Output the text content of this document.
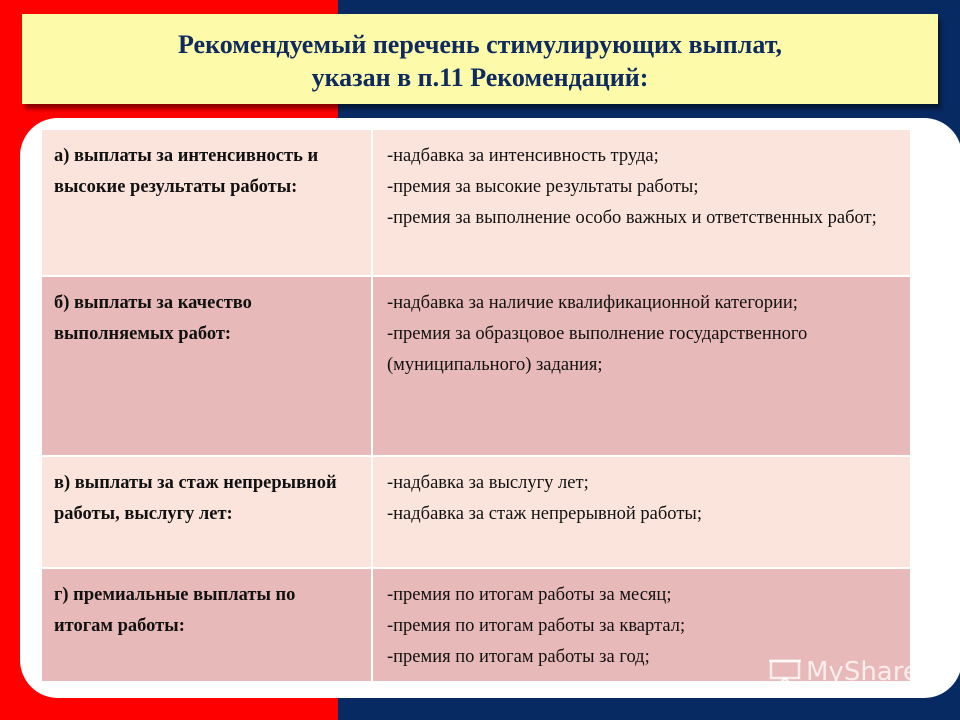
Рекомендуемый перечень стимулирующих выплат,
указан в п.11 Рекомендаций:
а) выплаты за интенсивность и высокие результаты работы:	-надбавка за интенсивность труда;
-премия за высокие результаты работы;
-премия за выполнение особо важных и ответственных работ;

б) выплаты за качество выполняемых работ:	-надбавка за наличие квалификационной категории;
-премия за образцовое выполнение государственного (муниципального) задания;

в) выплаты за стаж непрерывной работы, выслугу лет:	-надбавка за выслугу лет;
-надбавка за стаж непрерывной работы;

г) премиальные выплаты по итогам работы:	-премия по итогам работы за месяц;
-премия по итогам работы за квартал;
-премия по итогам работы за год;	MyShared
